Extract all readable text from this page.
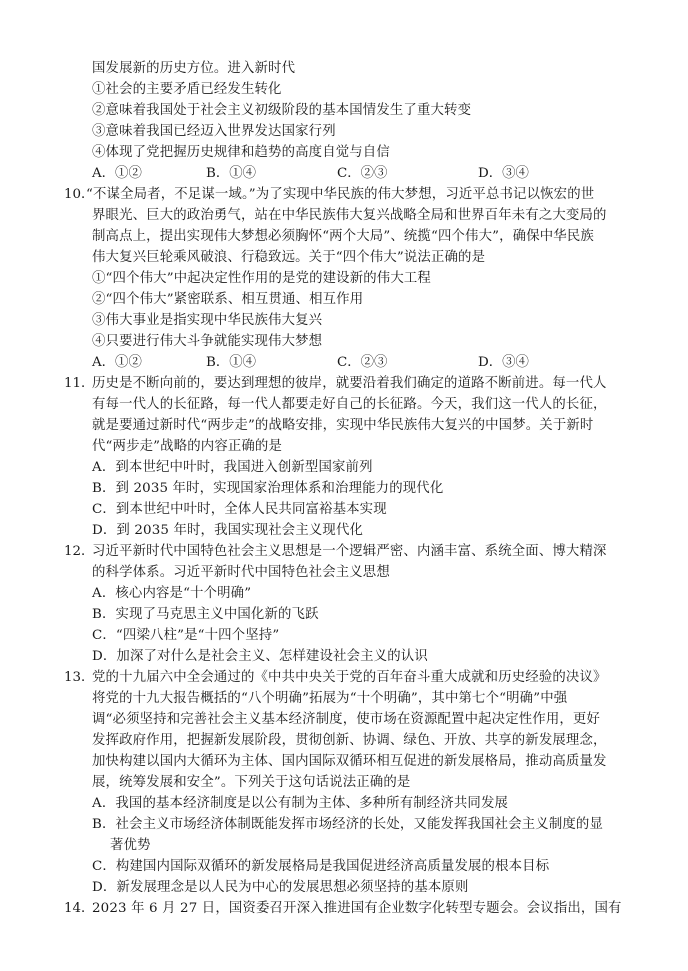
国发展新的历史方位。进入新时代
①社会的主要矛盾已经发生转化
②意味着我国处于社会主义初级阶段的基本国情发生了重大转变
③意味着我国已经迈入世界发达国家行列
④体现了党把握历史规律和趋势的高度自觉与自信
A．①②	B．①④	C．②③	D．③④
10．
“不谋全局者，不足谋一域。”为了实现中华民族的伟大梦想，习近平总书记以恢宏的世
界眼光、巨大的政治勇气，站在中华民族伟大复兴战略全局和世界百年未有之大变局的
制高点上，提出实现伟大梦想必须胸怀“两个大局”、统揽“四个伟大”，确保中华民族
伟大复兴巨轮乘风破浪、行稳致远。关于“四个伟大”说法正确的是
①“四个伟大”中起决定性作用的是党的建设新的伟大工程
②“四个伟大”紧密联系、相互贯通、相互作用
③伟大事业是指实现中华民族伟大复兴
④只要进行伟大斗争就能实现伟大梦想
A．①②	B．①④	C．②③	D．③④
11．
历史是不断向前的，要达到理想的彼岸，就要沿着我们确定的道路不断前进。每一代人
有每一代人的长征路，每一代人都要走好自己的长征路。今天，我们这一代人的长征，
就是要通过新时代“两步走”的战略安排，实现中华民族伟大复兴的中国梦。关于新时
代“两步走”战略的内容正确的是
A．到本世纪中叶时，我国进入创新型国家前列
B．到 2035 年时，实现国家治理体系和治理能力的现代化
C．到本世纪中叶时，全体人民共同富裕基本实现
D．到 2035 年时，我国实现社会主义现代化
12．
习近平新时代中国特色社会主义思想是一个逻辑严密、内涵丰富、系统全面、博大精深
的科学体系。习近平新时代中国特色社会主义思想
A．核心内容是“十个明确”
B．实现了马克思主义中国化新的飞跃
C．“四梁八柱”是“十四个坚持”
D．加深了对什么是社会主义、怎样建设社会主义的认识
13．
党的十九届六中全会通过的《中共中央关于党的百年奋斗重大成就和历史经验的决议》
将党的十九大报告概括的“八个明确”拓展为“十个明确”，其中第七个“明确”中强
调“必须坚持和完善社会主义基本经济制度，使市场在资源配置中起决定性作用，更好
发挥政府作用，把握新发展阶段，贯彻创新、协调、绿色、开放、共享的新发展理念，
加快构建以国内大循环为主体、国内国际双循环相互促进的新发展格局，推动高质量发
展，统筹发展和安全”。下列关于这句话说法正确的是
A．我国的基本经济制度是以公有制为主体、多种所有制经济共同发展
B．社会主义市场经济体制既能发挥市场经济的长处，又能发挥我国社会主义制度的显
著优势
C．构建国内国际双循环的新发展格局是我国促进经济高质量发展的根本目标
D．新发展理念是以人民为中心的发展思想必须坚持的基本原则
14．
2023 年 6 月 27 日，国资委召开深入推进国有企业数字化转型专题会。会议指出，国有
